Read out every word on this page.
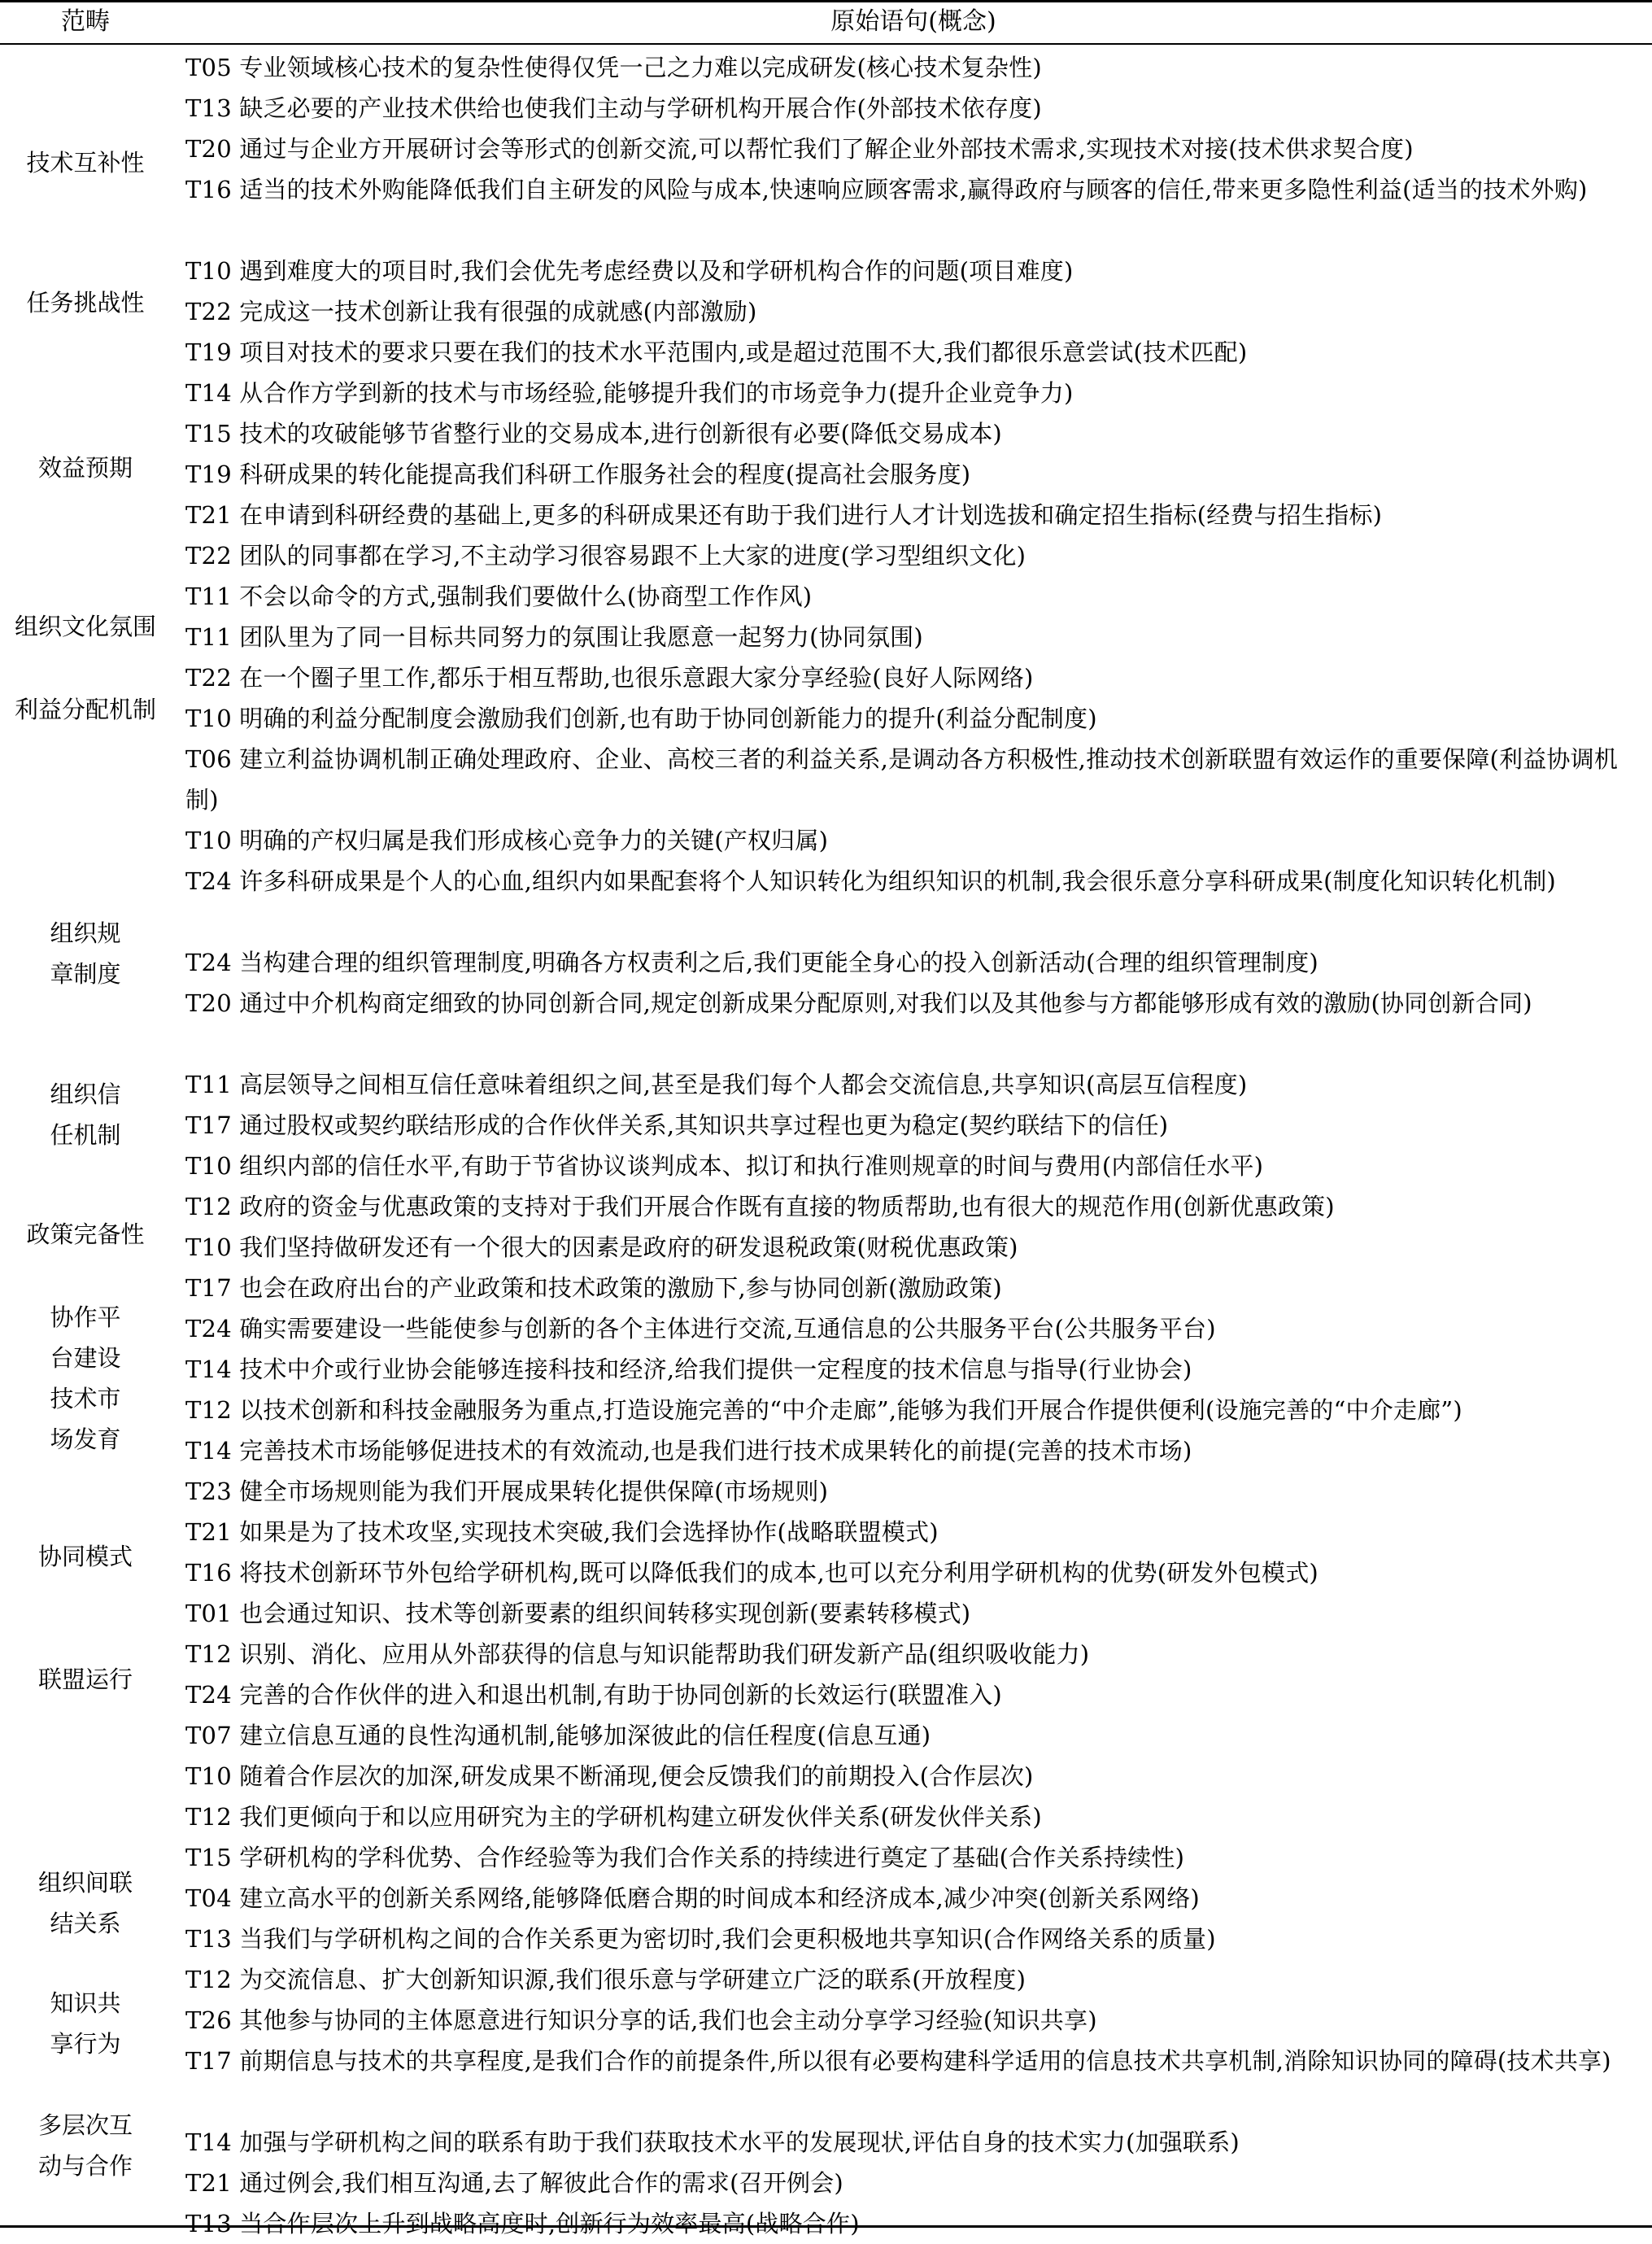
范畴	原始语句(概念)
技术互补性
任务挑战性
效益预期
组织文化氛围
利益分配机制
组织规
章制度
组织信
任机制
政策完备性
协作平
台建设
技术市
场发育
协同模式
联盟运行
组织间联
结关系
知识共
享行为
多层次互
动与合作
T05 专业领域核心技术的复杂性使得仅凭一己之力难以完成研发(核心技术复杂性)
T13 缺乏必要的产业技术供给也使我们主动与学研机构开展合作(外部技术依存度)
T20 通过与企业方开展研讨会等形式的创新交流,可以帮忙我们了解企业外部技术需求,实现技术对接(技术供求契合度)
T16 适当的技术外购能降低我们自主研发的风险与成本,快速响应顾客需求,赢得政府与顾客的信任,带来更多隐性利益(适当的技术外购)
T10 遇到难度大的项目时,我们会优先考虑经费以及和学研机构合作的问题(项目难度)
T22 完成这一技术创新让我有很强的成就感(内部激励)
T19 项目对技术的要求只要在我们的技术水平范围内,或是超过范围不大,我们都很乐意尝试(技术匹配)
T14 从合作方学到新的技术与市场经验,能够提升我们的市场竞争力(提升企业竞争力)
T15 技术的攻破能够节省整行业的交易成本,进行创新很有必要(降低交易成本)
T19 科研成果的转化能提高我们科研工作服务社会的程度(提高社会服务度)
T21 在申请到科研经费的基础上,更多的科研成果还有助于我们进行人才计划选拔和确定招生指标(经费与招生指标)
T22 团队的同事都在学习,不主动学习很容易跟不上大家的进度(学习型组织文化)
T11 不会以命令的方式,强制我们要做什么(协商型工作作风)
T11 团队里为了同一目标共同努力的氛围让我愿意一起努力(协同氛围)
T22 在一个圈子里工作,都乐于相互帮助,也很乐意跟大家分享经验(良好人际网络)
T10 明确的利益分配制度会激励我们创新,也有助于协同创新能力的提升(利益分配制度)
T06 建立利益协调机制正确处理政府、企业、高校三者的利益关系,是调动各方积极性,推动技术创新联盟有效运作的重要保障(利益协调机制)
T10 明确的产权归属是我们形成核心竞争力的关键(产权归属)
T24 许多科研成果是个人的心血,组织内如果配套将个人知识转化为组织知识的机制,我会很乐意分享科研成果(制度化知识转化机制)
T24 当构建合理的组织管理制度,明确各方权责利之后,我们更能全身心的投入创新活动(合理的组织管理制度)
T20 通过中介机构商定细致的协同创新合同,规定创新成果分配原则,对我们以及其他参与方都能够形成有效的激励(协同创新合同)
T11 高层领导之间相互信任意味着组织之间,甚至是我们每个人都会交流信息,共享知识(高层互信程度)
T17 通过股权或契约联结形成的合作伙伴关系,其知识共享过程也更为稳定(契约联结下的信任)
T10 组织内部的信任水平,有助于节省协议谈判成本、拟订和执行准则规章的时间与费用(内部信任水平)
T12 政府的资金与优惠政策的支持对于我们开展合作既有直接的物质帮助,也有很大的规范作用(创新优惠政策)
T10 我们坚持做研发还有一个很大的因素是政府的研发退税政策(财税优惠政策)
T17 也会在政府出台的产业政策和技术政策的激励下,参与协同创新(激励政策)
T24 确实需要建设一些能使参与创新的各个主体进行交流,互通信息的公共服务平台(公共服务平台)
T14 技术中介或行业协会能够连接科技和经济,给我们提供一定程度的技术信息与指导(行业协会)
T12 以技术创新和科技金融服务为重点,打造设施完善的“中介走廊”,能够为我们开展合作提供便利(设施完善的“中介走廊”)
T14 完善技术市场能够促进技术的有效流动,也是我们进行技术成果转化的前提(完善的技术市场)
T23 健全市场规则能为我们开展成果转化提供保障(市场规则)
T21 如果是为了技术攻坚,实现技术突破,我们会选择协作(战略联盟模式)
T16 将技术创新环节外包给学研机构,既可以降低我们的成本,也可以充分利用学研机构的优势(研发外包模式)
T01 也会通过知识、技术等创新要素的组织间转移实现创新(要素转移模式)
T12 识别、消化、应用从外部获得的信息与知识能帮助我们研发新产品(组织吸收能力)
T24 完善的合作伙伴的进入和退出机制,有助于协同创新的长效运行(联盟准入)
T07 建立信息互通的良性沟通机制,能够加深彼此的信任程度(信息互通)
T10 随着合作层次的加深,研发成果不断涌现,便会反馈我们的前期投入(合作层次)
T12 我们更倾向于和以应用研究为主的学研机构建立研发伙伴关系(研发伙伴关系)
T15 学研机构的学科优势、合作经验等为我们合作关系的持续进行奠定了基础(合作关系持续性)
T04 建立高水平的创新关系网络,能够降低磨合期的时间成本和经济成本,减少冲突(创新关系网络)
T13 当我们与学研机构之间的合作关系更为密切时,我们会更积极地共享知识(合作网络关系的质量)
T12 为交流信息、扩大创新知识源,我们很乐意与学研建立广泛的联系(开放程度)
T26 其他参与协同的主体愿意进行知识分享的话,我们也会主动分享学习经验(知识共享)
T17 前期信息与技术的共享程度,是我们合作的前提条件,所以很有必要构建科学适用的信息技术共享机制,消除知识协同的障碍(技术共享)
T14 加强与学研机构之间的联系有助于我们获取技术水平的发展现状,评估自身的技术实力(加强联系)
T21 通过例会,我们相互沟通,去了解彼此合作的需求(召开例会)
T13 当合作层次上升到战略高度时,创新行为效率最高(战略合作)
